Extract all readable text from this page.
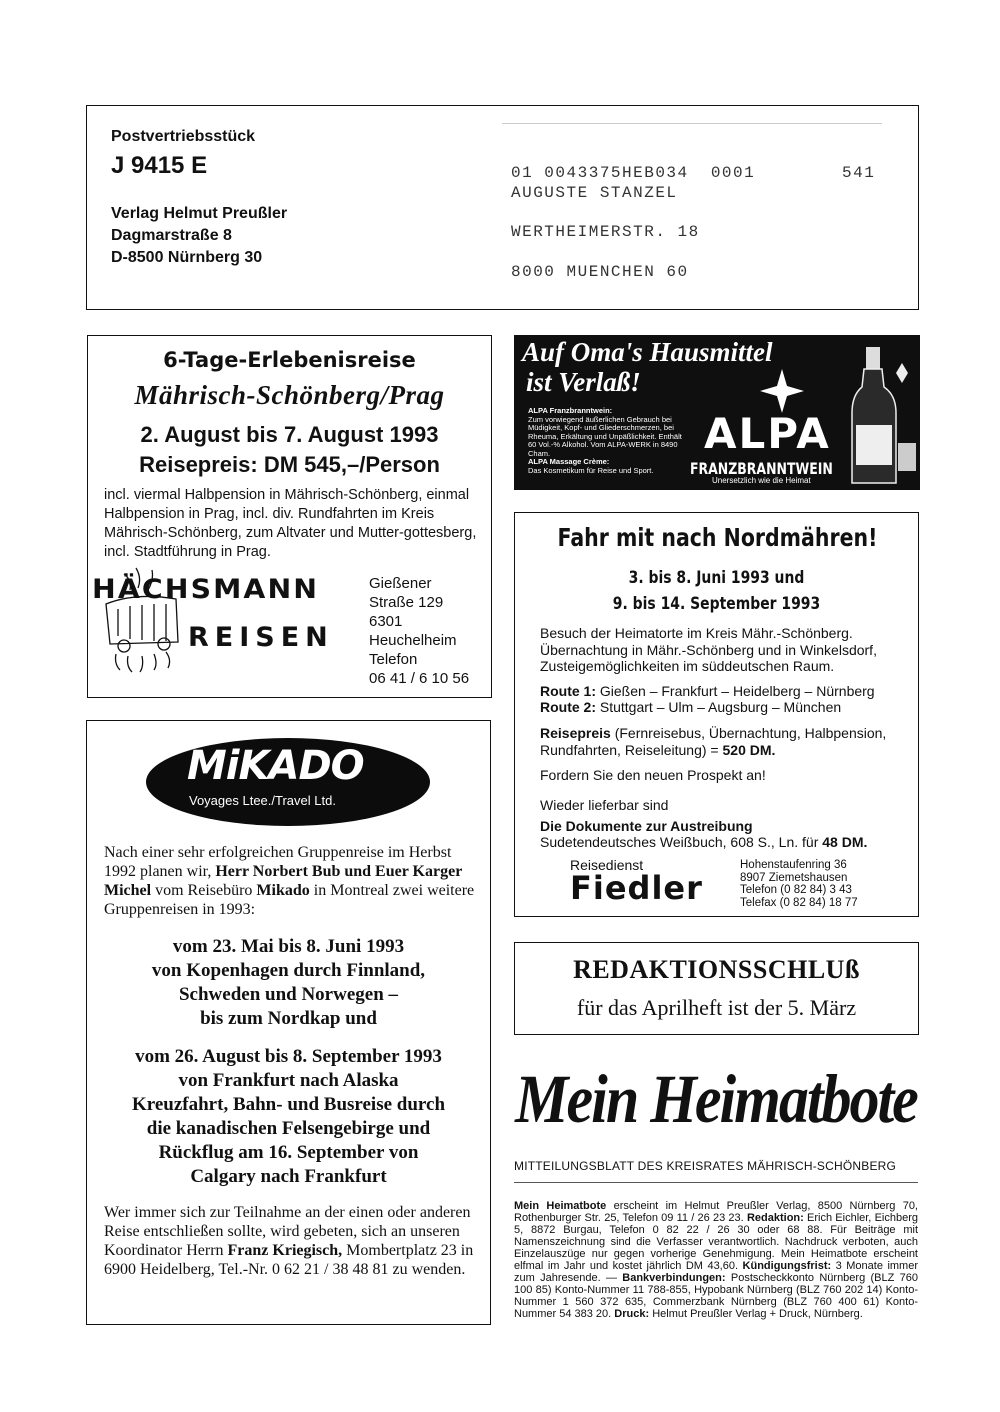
Postvertriebsstück
J 9415 E
Verlag Helmut Preußler
Dagmarstraße 8
D-8500 Nürnberg 30
01 0043375HEB034  0001	541
AUGUSTE STANZEL
WERTHEIMERSTR. 18
8000 MUENCHEN 60
6-Tage-Erlebenisreise
Mährisch-Schönberg/Prag
2. August bis 7. August 1993
Reisepreis: DM 545,–/Person
incl. viermal Halbpension in Mährisch-Schönberg, einmal Halbpension in Prag, incl. div. Rundfahrten im Kreis Mährisch-Schönberg, zum Altvater und Mutter-gottesberg, incl. Stadtführung in Prag.
HÄCHSMANN
REISEN
Gießener
Straße 129
6301
Heuchelheim
Telefon
06 41 / 6 10 56
Auf Oma's Hausmittel
ist Verlaß!
ALPA Franzbranntwein:
Zum vorwiegend äußerlichen Gebrauch bei Müdigkeit, Kopf- und Gliederschmerzen, bei Rheuma, Erkältung und Unpäßlichkeit. Enthält 60 Vol.-% Alkohol. Vom ALPA-WERK in 8490 Cham.
ALPA Massage Crème:
Das Kosmetikum für Reise und Sport.
ALPA
FRANZBRANNTWEIN
Unersetzlich wie die Heimat
MiKADO
Voyages Ltee./Travel Ltd.
Nach einer sehr erfolgreichen Gruppenreise im Herbst 1992 planen wir, Herr Norbert Bub und Euer Karger Michel vom Reisebüro Mikado in Montreal zwei weitere Gruppenreisen in 1993:
vom 23. Mai bis 8. Juni 1993
von Kopenhagen durch Finnland,
Schweden und Norwegen –
bis zum Nordkap und
vom 26. August bis 8. September 1993
von Frankfurt nach Alaska
Kreuzfahrt, Bahn- und Busreise durch
die kanadischen Felsengebirge und
Rückflug am 16. September von
Calgary nach Frankfurt
Wer immer sich zur Teilnahme an der einen oder anderen Reise entschließen sollte, wird gebeten, sich an unseren Koordinator Herrn Franz Kriegisch, Mombertplatz 23 in 6900 Heidelberg, Tel.-Nr. 0 62 21 / 38 48 81 zu wenden.
Fahr mit nach Nordmähren!
3. bis 8. Juni 1993 und
9. bis 14. September 1993
Besuch der Heimatorte im Kreis Mähr.-Schönberg. Übernachtung in Mähr.-Schönberg und in Winkelsdorf, Zusteigemöglichkeiten im süddeutschen Raum.
Route 1: Gießen – Frankfurt – Heidelberg – Nürnberg
Route 2: Stuttgart – Ulm – Augsburg – München
Reisepreis (Fernreisebus, Übernachtung, Halbpension, Rundfahrten, Reiseleitung) = 520 DM.
Fordern Sie den neuen Prospekt an!
Wieder lieferbar sind
Die Dokumente zur Austreibung
Sudetendeutsches Weißbuch, 608 S., Ln. für 48 DM.
Reisedienst
Fiedler
Hohenstaufenring 36
8907 Ziemetshausen
Telefon (0 82 84) 3 43
Telefax (0 82 84) 18 77
REDAKTIONSSCHLUß
für das Aprilheft ist der 5. März
Mein Heimatbote
MITTEILUNGSBLATT DES KREISRATES MÄHRISCH-SCHÖNBERG
Mein Heimatbote erscheint im Helmut Preußler Verlag, 8500 Nürnberg 70, Rothenburger Str. 25, Telefon 09 11 / 26 23 23. Redaktion: Erich Eichler, Eichberg 5, 8872 Burgau, Telefon 0 82 22 / 26 30 oder 68 88. Für Beiträge mit Namenszeichnung sind die Verfasser verantwortlich. Nachdruck verboten, auch Einzelauszüge nur gegen vorherige Genehmigung. Mein Heimatbote erscheint elfmal im Jahr und kostet jährlich DM 43,60. Kündigungsfrist: 3 Monate immer zum Jahresende. — Bankverbindungen: Postscheckkonto Nürnberg (BLZ 760 100 85) Konto-Nummer 11 788-855, Hypobank Nürnberg (BLZ 760 202 14) Konto-Nummer 1 560 372 635, Commerzbank Nürnberg (BLZ 760 400 61) Konto-Nummer 54 383 20. Druck: Helmut Preußler Verlag + Druck, Nürnberg.
